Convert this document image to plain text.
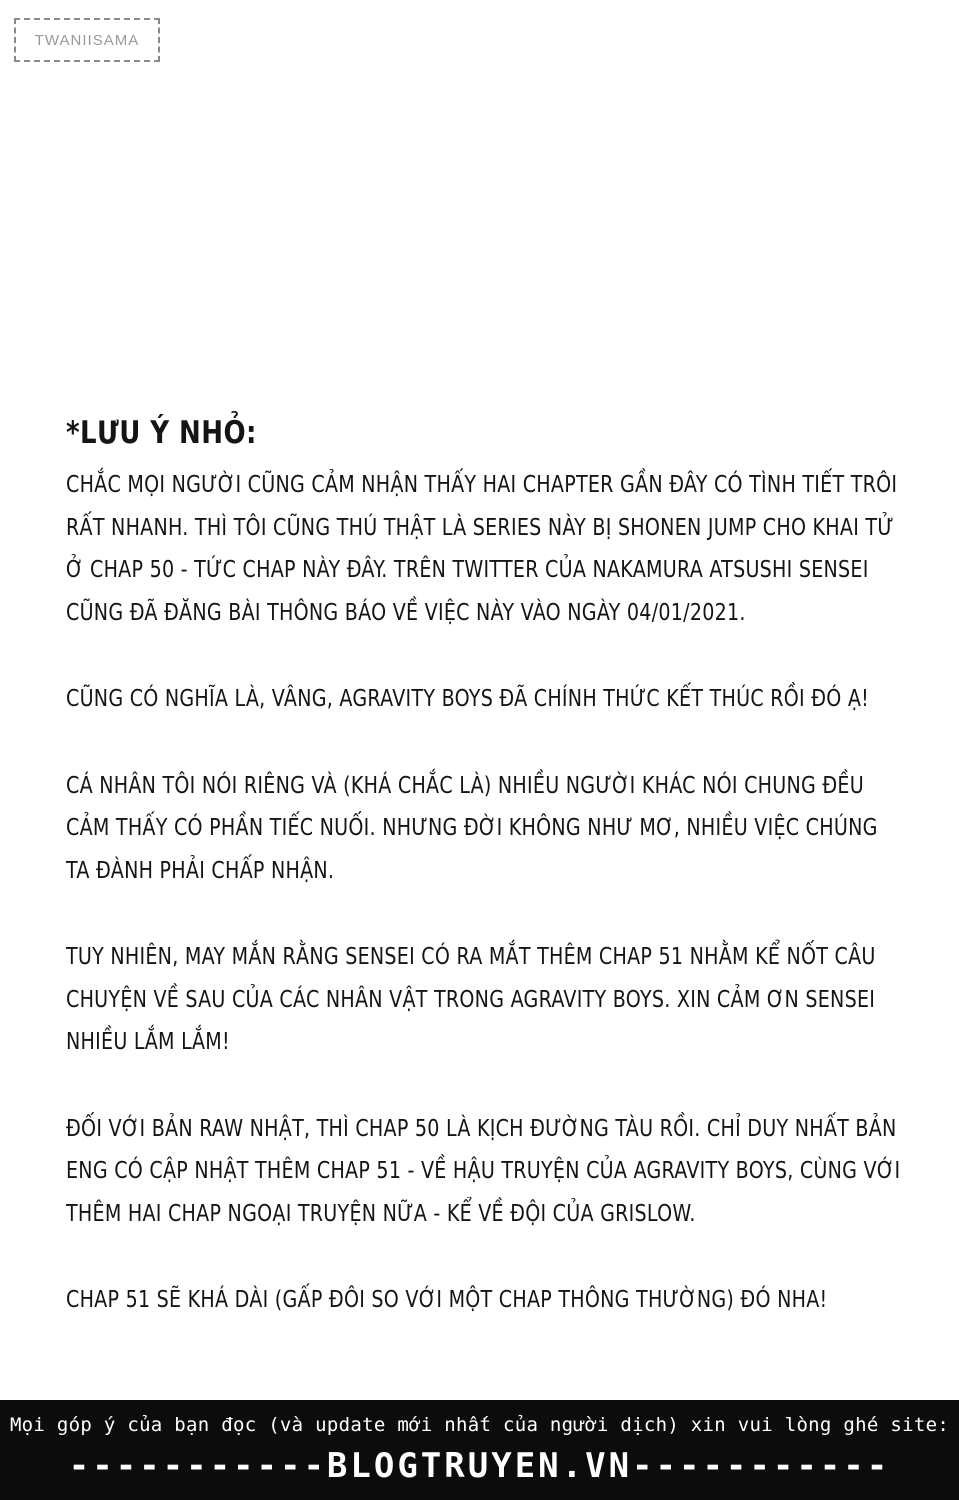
TWANIISAMA
*LƯU Ý NHỎ:
CHẮC MỌI NGƯỜI CŨNG CẢM NHẬN THẤY HAI CHAPTER GẦN ĐÂY CÓ TÌNH TIẾT TRÔI
RẤT NHANH. THÌ TÔI CŨNG THÚ THẬT LÀ SERIES NÀY BỊ SHONEN JUMP CHO KHAI TỬ
Ở CHAP 50 - TỨC CHAP NÀY ĐÂY. TRÊN TWITTER CỦA NAKAMURA ATSUSHI SENSEI
CŨNG ĐÃ ĐĂNG BÀI THÔNG BÁO VỀ VIỆC NÀY VÀO NGÀY 04/01/2021.
CŨNG CÓ NGHĨA LÀ, VÂNG, AGRAVITY BOYS ĐÃ CHÍNH THỨC KẾT THÚC RỒI ĐÓ Ạ!
CÁ NHÂN TÔI NÓI RIÊNG VÀ (KHÁ CHẮC LÀ) NHIỀU NGƯỜI KHÁC NÓI CHUNG ĐỀU
CẢM THẤY CÓ PHẦN TIẾC NUỐI. NHƯNG ĐỜI KHÔNG NHƯ MƠ, NHIỀU VIỆC CHÚNG
TA ĐÀNH PHẢI CHẤP NHẬN.
TUY NHIÊN, MAY MẮN RẰNG SENSEI CÓ RA MẮT THÊM CHAP 51 NHẰM KỂ NỐT CÂU
CHUYỆN VỀ SAU CỦA CÁC NHÂN VẬT TRONG AGRAVITY BOYS. XIN CẢM ƠN SENSEI
NHIỀU LẮM LẮM!
ĐỐI VỚI BẢN RAW NHẬT, THÌ CHAP 50 LÀ KỊCH ĐƯỜNG TÀU RỒI. CHỈ DUY NHẤT BẢN
ENG CÓ CẬP NHẬT THÊM CHAP 51 - VỀ HẬU TRUYỆN CỦA AGRAVITY BOYS, CÙNG VỚI
THÊM HAI CHAP NGOẠI TRUYỆN NỮA - KỂ VỀ ĐỘI CỦA GRISLOW.
CHAP 51 SẼ KHÁ DÀI (GẤP ĐÔI SO VỚI MỘT CHAP THÔNG THƯỜNG) ĐÓ NHA!
Mọi góp ý của bạn đọc (và update mới nhất của người dịch) xin vui lòng ghé site:
-----------BLOGTRUYEN.VN-----------
